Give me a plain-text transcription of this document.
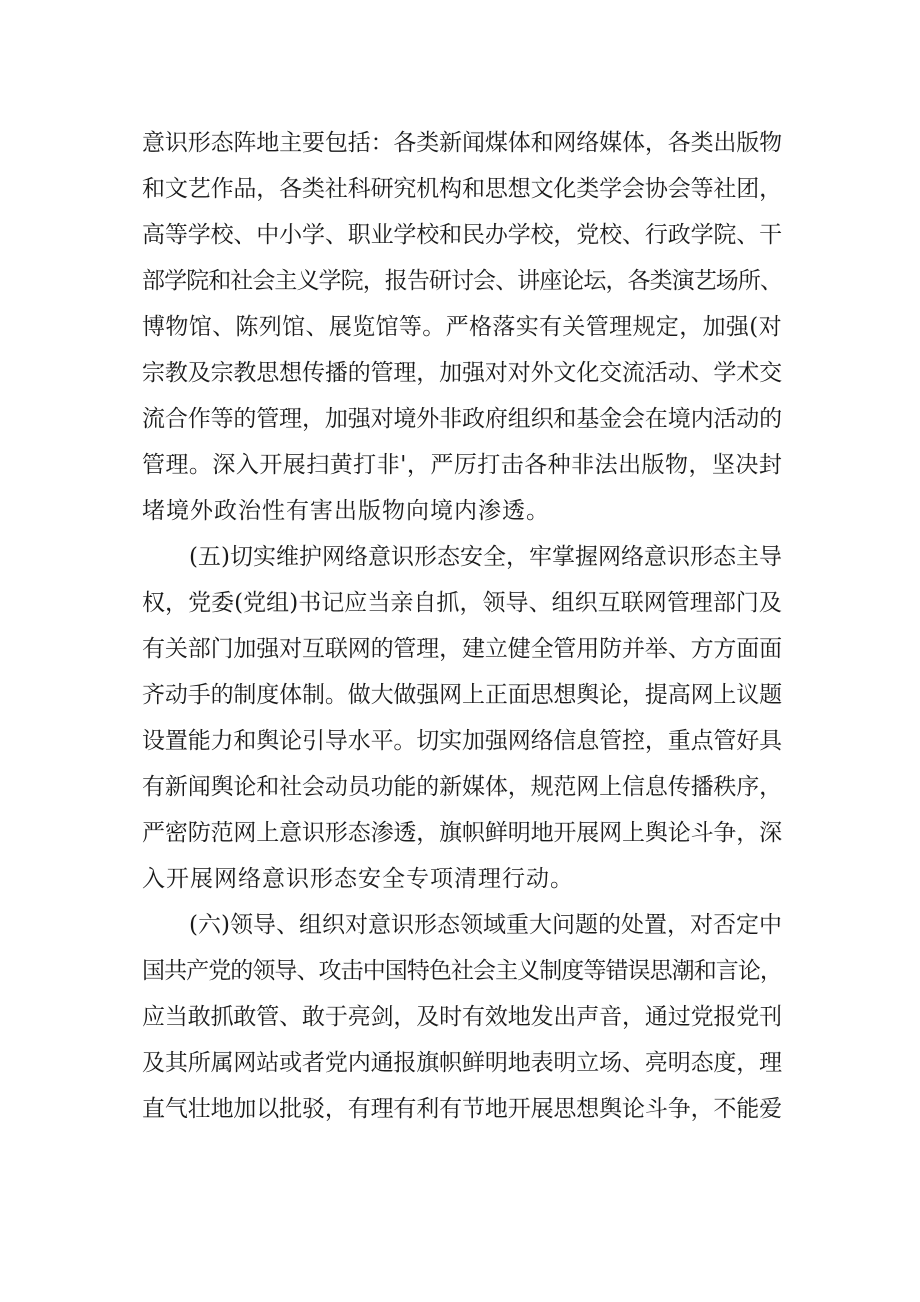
意识形态阵地主要包括：各类新闻煤体和网络媒体，各类出版物
和文艺作品，各类社科研究机构和思想文化类学会协会等社团，
高等学校、中小学、职业学校和民办学校，党校、行政学院、干
部学院和社会主义学院，报告研讨会、讲座论坛，各类演艺场所、
博物馆、陈列馆、展览馆等。严格落实有关管理规定，加强(对
宗教及宗教思想传播的管理，加强对对外文化交流活动、学术交
流合作等的管理，加强对境外非政府组织和基金会在境内活动的
管理。深入开展扫黄打非'，严厉打击各种非法出版物，坚决封
堵境外政治性有害出版物向境内渗透。
(五)切实维护网络意识形态安全，牢掌握网络意识形态主导
权，党委(党组)书记应当亲自抓，领导、组织互联网管理部门及
有关部门加强对互联网的管理，建立健全管用防并举、方方面面
齐动手的制度体制。做大做强网上正面思想舆论，提高网上议题
设置能力和舆论引导水平。切实加强网络信息管控，重点管好具
有新闻舆论和社会动员功能的新媒体，规范网上信息传播秩序，
严密防范网上意识形态渗透，旗帜鲜明地开展网上舆论斗争，深
入开展网络意识形态安全专项清理行动。
(六)领导、组织对意识形态领域重大问题的处置，对否定中
国共产党的领导、攻击中国特色社会主义制度等错误思潮和言论，
应当敢抓敢管、敢于亮剑，及时有效地发出声音，通过党报党刊
及其所属网站或者党内通报旗帜鲜明地表明立场、亮明态度，理
直气壮地加以批驳，有理有利有节地开展思想舆论斗争，不能爱
